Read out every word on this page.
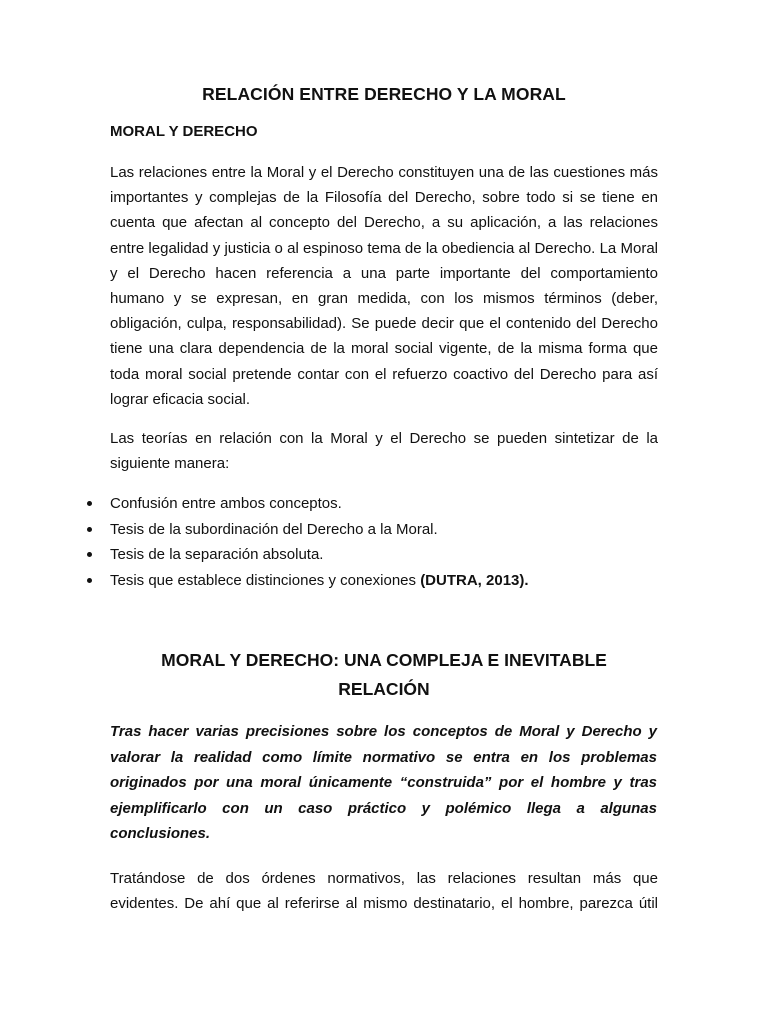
RELACIÓN ENTRE DERECHO Y LA MORAL
MORAL Y DERECHO
Las relaciones entre la Moral y el Derecho constituyen una de las cuestiones más importantes y complejas de la Filosofía del Derecho, sobre todo si se tiene en cuenta que afectan al concepto del Derecho, a su aplicación, a las relaciones entre legalidad y justicia o al espinoso tema de la obediencia al Derecho. La Moral y el Derecho hacen referencia a una parte importante del comportamiento humano y se expresan, en gran medida, con los mismos términos (deber, obligación, culpa, responsabilidad). Se puede decir que el contenido del Derecho tiene una clara dependencia de la moral social vigente, de la misma forma que toda moral social pretende contar con el refuerzo coactivo del Derecho para así lograr eficacia social.
Las teorías en relación con la Moral y el Derecho se pueden sintetizar de la siguiente manera:
Confusión entre ambos conceptos.
Tesis de la subordinación del Derecho a la Moral.
Tesis de la separación absoluta.
Tesis que establece distinciones y conexiones (DUTRA, 2013).
MORAL Y DERECHO: UNA COMPLEJA E INEVITABLE RELACIÓN
Tras hacer varias precisiones sobre los conceptos de Moral y Derecho y valorar la realidad como límite normativo se entra en los problemas originados por una moral únicamente “construida” por el hombre y tras ejemplificarlo con un caso práctico y polémico llega a algunas conclusiones.
Tratándose de dos órdenes normativos, las relaciones resultan más que
evidentes. De ahí que al referirse al mismo destinatario, el hombre, parezca útil
